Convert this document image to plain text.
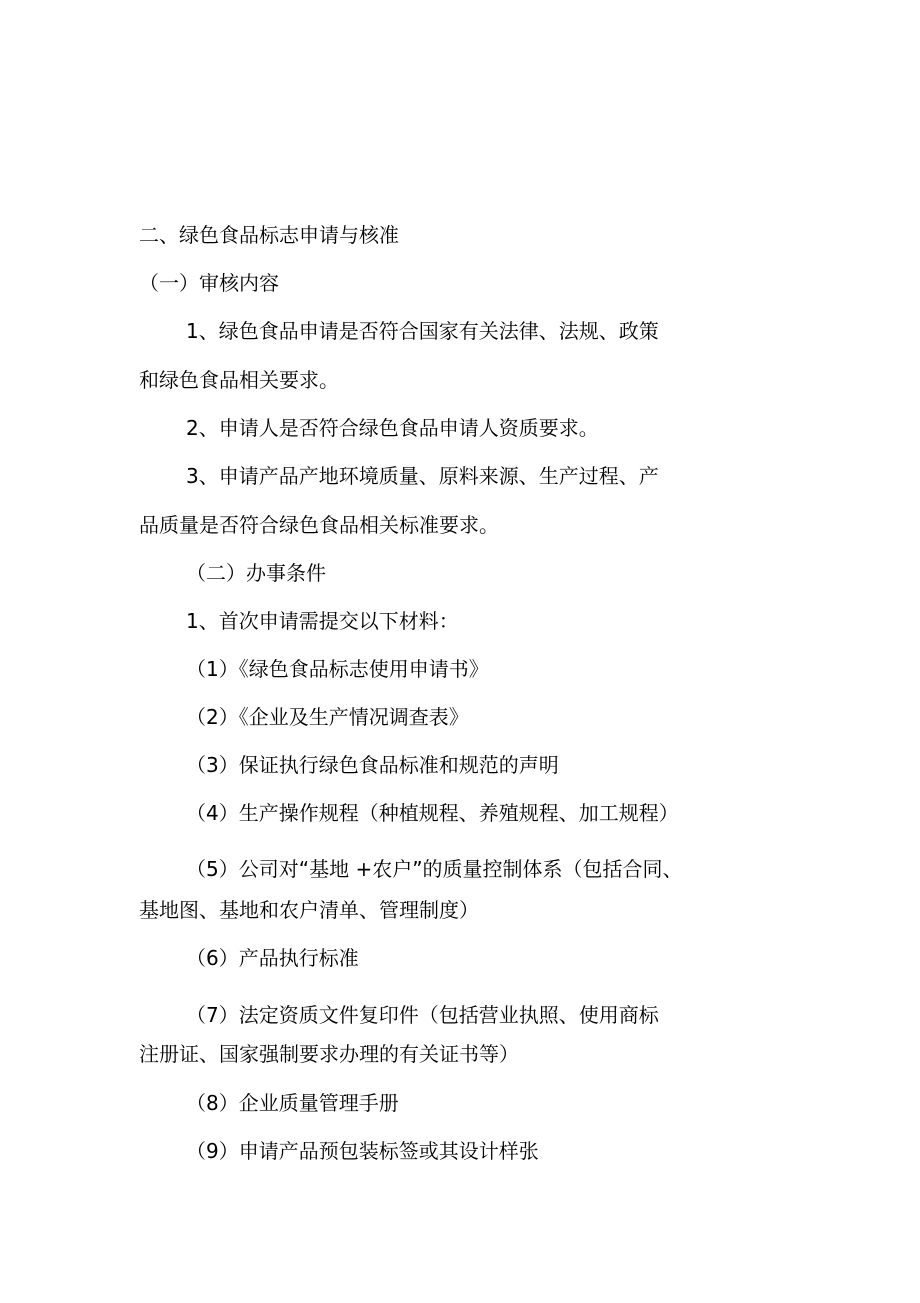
二、绿色食品标志申请与核准
（一）审核内容
1、绿色食品申请是否符合国家有关法律、法规、政策
和绿色食品相关要求。
2、申请人是否符合绿色食品申请人资质要求。
3、申请产品产地环境质量、原料来源、生产过程、产
品质量是否符合绿色食品相关标准要求。
（二）办事条件
1、首次申请需提交以下材料：
（1）《绿色食品标志使用申请书》
（2）《企业及生产情况调查表》
（3）保证执行绿色食品标准和规范的声明
（4）生产操作规程（种植规程、养殖规程、加工规程）
（5）公司对“基地 +农户”的质量控制体系（包括合同、
基地图、基地和农户清单、管理制度）
（6）产品执行标准
（7）法定资质文件复印件（包括营业执照、使用商标
注册证、国家强制要求办理的有关证书等）
（8）企业质量管理手册
（9）申请产品预包装标签或其设计样张
